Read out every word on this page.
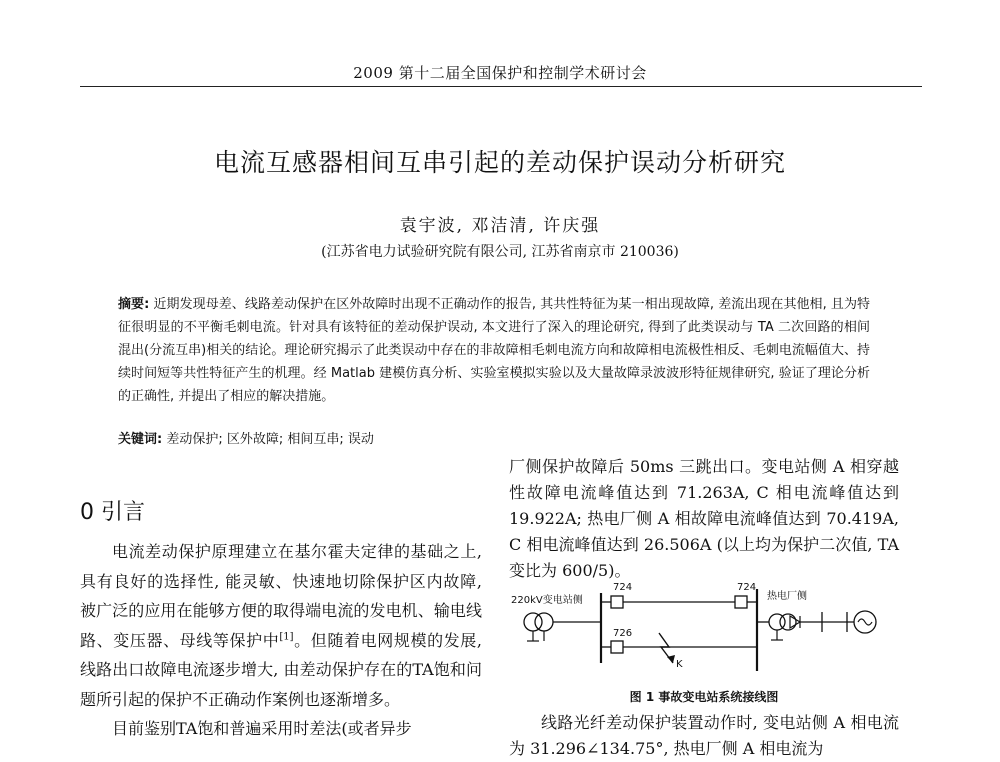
2009 第十二届全国保护和控制学术研讨会
电流互感器相间互串引起的差动保护误动分析研究
袁宇波, 邓洁清, 许庆强
(江苏省电力试验研究院有限公司, 江苏省南京市 210036)
摘要: 近期发现母差、线路差动保护在区外故障时出现不正确动作的报告, 其共性特征为某一相出现故障, 差流出现在其他相, 且为特征很明显的不平衡毛刺电流。针对具有该特征的差动保护误动, 本文进行了深入的理论研究, 得到了此类误动与 TA 二次回路的相间混出(分流互串)相关的结论。理论研究揭示了此类误动中存在的非故障相毛刺电流方向和故障相电流极性相反、毛刺电流幅值大、持续时间短等共性特征产生的机理。经 Matlab 建模仿真分析、实验室模拟实验以及大量故障录波波形特征规律研究, 验证了理论分析的正确性, 并提出了相应的解决措施。
关键词: 差动保护; 区外故障; 相间互串; 误动
0 引言

电流差动保护原理建立在基尔霍夫定律的基础之上, 具有良好的选择性, 能灵敏、快速地切除保护区内故障, 被广泛的应用在能够方便的取得端电流的发电机、输电线路、变压器、母线等保护中[1]。但随着电网规模的发展, 线路出口故障电流逐步增大, 由差动保护存在的TA饱和问题所引起的保护不正确动作案例也逐渐增多。

目前鉴别TA饱和普遍采用时差法(或者异步

厂侧保护故障后 50ms 三跳出口。变电站侧 A 相穿越性故障电流峰值达到 71.263A, C 相电流峰值达到 19.922A; 热电厂侧 A 相故障电流峰值达到 70.419A, C 相电流峰值达到 26.506A (以上均为保护二次值, TA 变比为 600/5)。

220kV变电站侧
724	724
726
K
热电厂侧
图 1 事故变电站系统接线图

线路光纤差动保护装置动作时, 变电站侧 A 相电流为 31.296∠134.75°, 热电厂侧 A 相电流为
